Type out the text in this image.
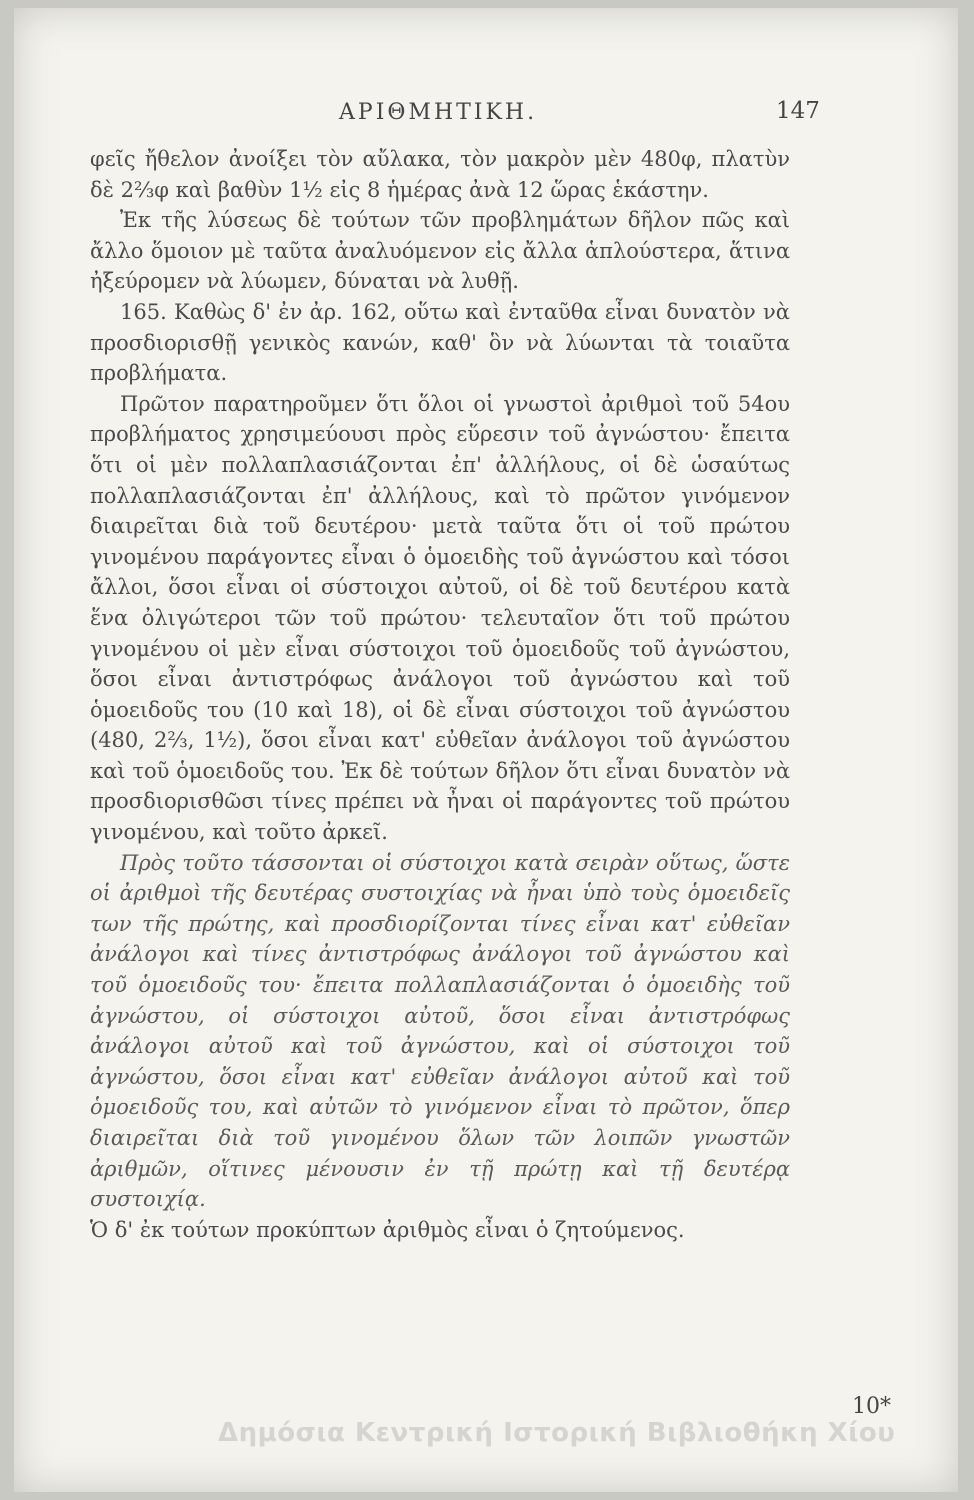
ΑΡΙΘΜΗΤΙΚΗ.	147

φεῖς ἤθελον ἀνοίξει τὸν αὔλακα, τὸν μακρὸν μὲν 480φ, πλατὺν δὲ 2⅔φ καὶ βαθὺν 1½ εἰς 8 ἡμέρας ἀνὰ 12 ὥρας ἑκάστην.

Ἐκ τῆς λύσεως δὲ τούτων τῶν προβλημάτων δῆλον πῶς καὶ ἄλλο ὅμοιον μὲ ταῦτα ἀναλυόμενον εἰς ἄλλα ἁπλούστερα, ἅτινα ἠξεύρομεν νὰ λύωμεν, δύναται νὰ λυθῇ.

165. Καθὼς δ' ἐν ἀρ. 162, οὕτω καὶ ἐνταῦθα εἶναι δυνατὸν νὰ προσδιορισθῇ γενικὸς κανών, καθ' ὃν νὰ λύωνται τὰ τοιαῦτα προβλήματα.

Πρῶτον παρατηροῦμεν ὅτι ὅλοι οἱ γνωστοὶ ἀριθμοὶ τοῦ 54ου προβλήματος χρησιμεύουσι πρὸς εὕρεσιν τοῦ ἀγνώστου· ἔπειτα ὅτι οἱ μὲν πολλαπλασιάζονται ἐπ' ἀλλήλους, οἱ δὲ ὡσαύτως πολλαπλασιάζονται ἐπ' ἀλλήλους, καὶ τὸ πρῶτον γινόμενον διαιρεῖται διὰ τοῦ δευτέρου· μετὰ ταῦτα ὅτι οἱ τοῦ πρώτου γινομένου παράγοντες εἶναι ὁ ὁμοειδὴς τοῦ ἀγνώστου καὶ τόσοι ἄλλοι, ὅσοι εἶναι οἱ σύστοιχοι αὐτοῦ, οἱ δὲ τοῦ δευτέρου κατὰ ἕνα ὀλιγώτεροι τῶν τοῦ πρώτου· τελευταῖον ὅτι τοῦ πρώτου γινομένου οἱ μὲν εἶναι σύστοιχοι τοῦ ὁμοειδοῦς τοῦ ἀγνώστου, ὅσοι εἶναι ἀντιστρόφως ἀνάλογοι τοῦ ἀγνώστου καὶ τοῦ ὁμοειδοῦς του (10 καὶ 18), οἱ δὲ εἶναι σύστοιχοι τοῦ ἀγνώστου (480, 2⅔, 1½), ὅσοι εἶναι κατ' εὐθεῖαν ἀνάλογοι τοῦ ἀγνώστου καὶ τοῦ ὁμοειδοῦς του. Ἐκ δὲ τούτων δῆλον ὅτι εἶναι δυνατὸν νὰ προσδιορισθῶσι τίνες πρέπει νὰ ἦναι οἱ παράγοντες τοῦ πρώτου γινομένου, καὶ τοῦτο ἀρκεῖ.

Πρὸς τοῦτο τάσσονται οἱ σύστοιχοι κατὰ σειρὰν οὕτως, ὥστε οἱ ἀριθμοὶ τῆς δευτέρας συστοιχίας νὰ ἦναι ὑπὸ τοὺς ὁμοειδεῖς των τῆς πρώτης, καὶ προσδιορίζονται τίνες εἶναι κατ' εὐθεῖαν ἀνάλογοι καὶ τίνες ἀντιστρόφως ἀνάλογοι τοῦ ἀγνώστου καὶ τοῦ ὁμοειδοῦς του· ἔπειτα πολλαπλασιάζονται ὁ ὁμοειδὴς τοῦ ἀγνώστου, οἱ σύστοιχοι αὐτοῦ, ὅσοι εἶναι ἀντιστρόφως ἀνάλογοι αὐτοῦ καὶ τοῦ ἀγνώστου, καὶ οἱ σύστοιχοι τοῦ ἀγνώστου, ὅσοι εἶναι κατ' εὐθεῖαν ἀνάλογοι αὐτοῦ καὶ τοῦ ὁμοειδοῦς του, καὶ αὐτῶν τὸ γινόμενον εἶναι τὸ πρῶτον, ὅπερ διαιρεῖται διὰ τοῦ γινομένου ὅλων τῶν λοιπῶν γνωστῶν ἀριθμῶν, οἵτινες μένουσιν ἐν τῇ πρώτῃ καὶ τῇ δευτέρᾳ συστοιχίᾳ.

Ὁ δ' ἐκ τούτων προκύπτων ἀριθμὸς εἶναι ὁ ζητούμενος.

10*
Δημόσια Κεντρική Ιστορική Βιβλιοθήκη Χίου
